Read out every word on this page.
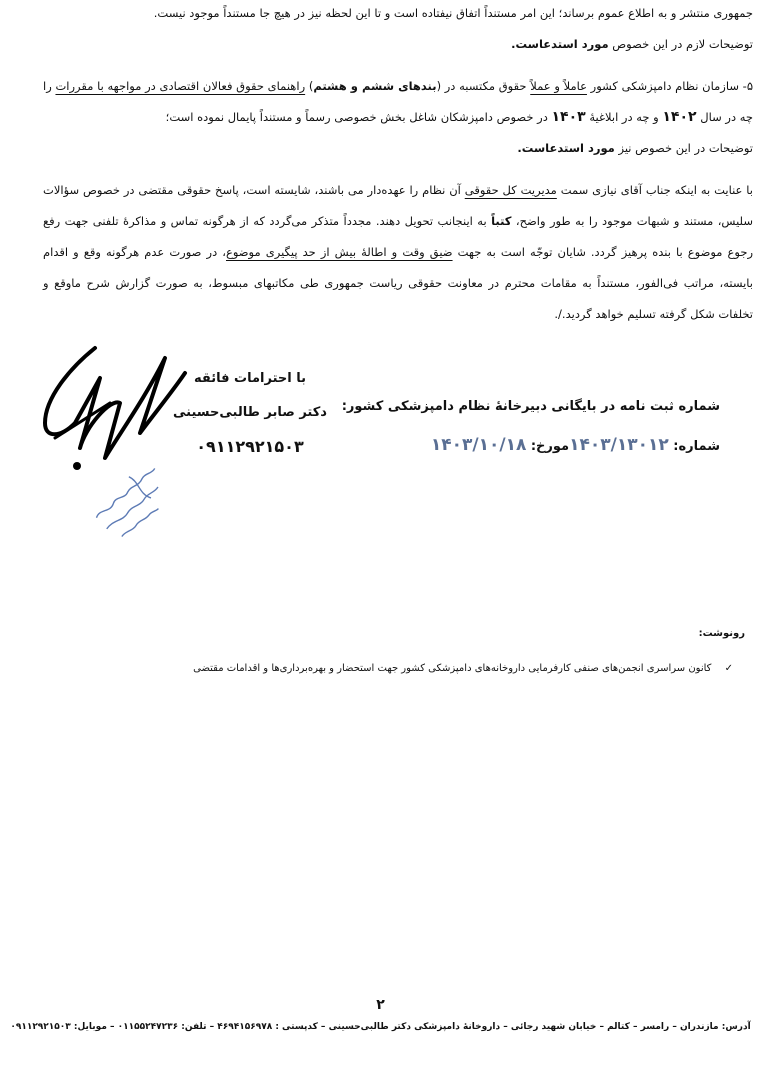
جمهوری منتشر و به اطلاع عموم برساند؛ این امر مستنداً اتفاق نیفتاده است و تا این لحظه نیز در هیچ جا مستنداً موجود نیست.
توضیحات لازم در این خصوص مورد استدعاست.

۵- سازمان نظام دامپزشکی کشور عاملاً و عملاً حقوق مکتسبه در (بندهای ششم و هشتم) راهنمای حقوق فعالان اقتصادی در مواجهه با مقررات را چه در سال ۱۴۰۲ و چه در ابلاغیهٔ ۱۴۰۳ در خصوص دامپزشکان شاغل بخش خصوصی رسماً و مستنداً پایمال نموده است؛
توضیحات در این خصوص نیز مورد استدعاست.

با عنایت به اینکه جناب آقای نیازی سمت مدیریت کل حقوقی آن نظام را عهده‌دار می باشند، شایسته است، پاسخ حقوقی مقتضی در خصوص سؤالات سلیس، مستند و شبهات موجود را به طور واضح، کتباً به اینجانب تحویل دهند. مجدداً متذکر می‌گردد که از هرگونه تماس و مذاکرهٔ تلفنی جهت رفع رجوع موضوع با بنده پرهیز گردد. شایان توجّه است به جهت ضیق وقت و اطالهٔ بیش از حد پیگیری موضوع، در صورت عدم هرگونه وقع و اقدام بایسته، مراتب فی‌الفور، مستنداً به مقامات محترم در معاونت حقوقی ریاست جمهوری طی مکاتبهای مبسوط، به صورت گزارش شرح ماوقع و تخلفات شکل گرفته تسلیم خواهد گردید./.

با احترامات فائقه
دکتر صابر طالبی‌حسینی
۰۹۱۱۲۹۲۱۵۰۳
شماره ثبت نامه در بایگانی دبیرخانهٔ نظام دامپزشکی کشور:
شماره: ۱۴۰۳/۱۳۰۱۲مورخ: ۱۴۰۳/۱۰/۱۸
رونوشت:
✓ کانون سراسری انجمن‌های صنفی کارفرمایی داروخانه‌های دامپزشکی کشور جهت استحضار و بهره‌برداری‌ها و اقدامات مقتضی
۲
آدرس: مازندران – رامسر – کتالم – خیابان شهید رجائی – داروخانهٔ دامپزشکی دکتر طالبی‌حسینی – کدپستی : ۴۶۹۴۱۵۶۹۷۸ – تلفن: ۰۱۱۵۵۲۴۷۲۳۶ – موبایل: ۰۹۱۱۲۹۲۱۵۰۳
